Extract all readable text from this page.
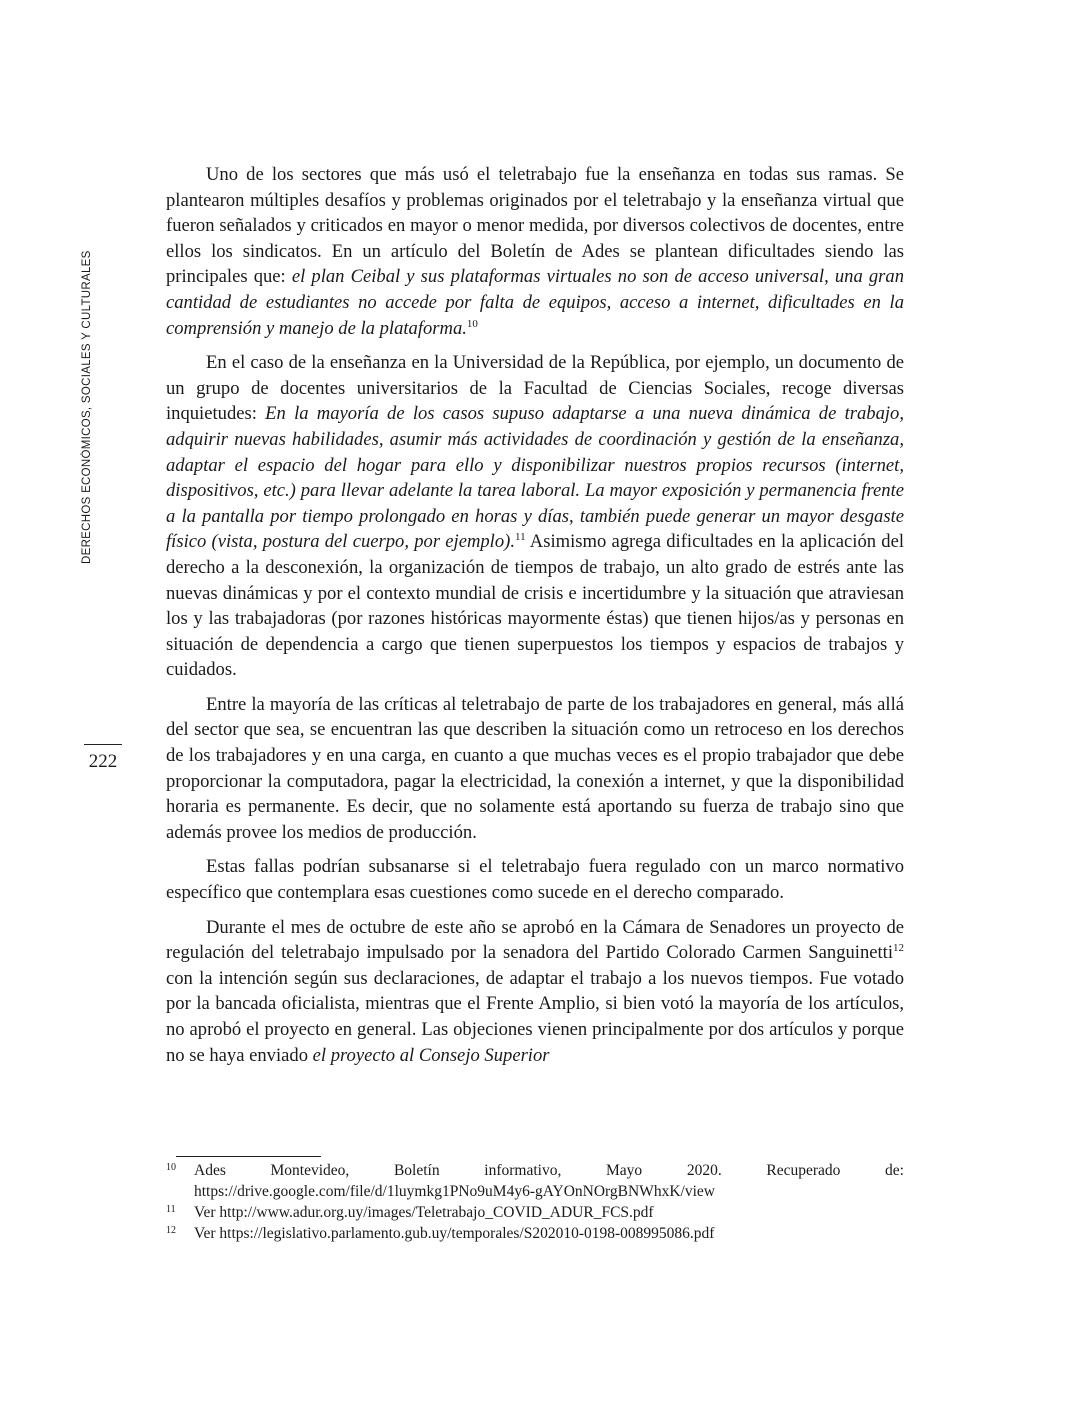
DERECHOS ECONÓMICOS, SOCIALES Y CULTURALES
222

Uno de los sectores que más usó el teletrabajo fue la enseñanza en todas sus ramas. Se plantearon múltiples desafíos y problemas originados por el teletrabajo y la enseñanza virtual que fueron señalados y criticados en mayor o menor medida, por diversos colectivos de docentes, entre ellos los sindicatos. En un artículo del Boletín de Ades se plantean dificultades siendo las principales que: el plan Ceibal y sus plataformas virtuales no son de acceso universal, una gran cantidad de estudiantes no accede por falta de equipos, acceso a internet, dificultades en la comprensión y manejo de la plataforma.$^{10}$

En el caso de la enseñanza en la Universidad de la República, por ejemplo, un documento de un grupo de docentes universitarios de la Facultad de Ciencias Sociales, recoge diversas inquietudes: En la mayoría de los casos supuso adaptarse a una nueva dinámica de trabajo, adquirir nuevas habilidades, asumir más actividades de coordinación y gestión de la enseñanza, adaptar el espacio del hogar para ello y disponibilizar nuestros propios recursos (internet, dispositivos, etc.) para llevar adelante la tarea laboral. La mayor exposición y permanencia frente a la pantalla por tiempo prolongado en horas y días, también puede generar un mayor desgaste físico (vista, postura del cuerpo, por ejemplo).$^{11}$ Asimismo agrega dificultades en la aplicación del derecho a la desconexión, la organización de tiempos de trabajo, un alto grado de estrés ante las nuevas dinámicas y por el contexto mundial de crisis e incertidumbre y la situación que atraviesan los y las trabajadoras (por razones históricas mayormente éstas) que tienen hijos/as y personas en situación de dependencia a cargo que tienen superpuestos los tiempos y espacios de trabajos y cuidados.

Entre la mayoría de las críticas al teletrabajo de parte de los trabajadores en general, más allá del sector que sea, se encuentran las que describen la situación como un retroceso en los derechos de los trabajadores y en una carga, en cuanto a que muchas veces es el propio trabajador que debe proporcionar la computadora, pagar la electricidad, la conexión a internet, y que la disponibilidad horaria es permanente. Es decir, que no solamente está aportando su fuerza de trabajo sino que además provee los medios de producción.

Estas fallas podrían subsanarse si el teletrabajo fuera regulado con un marco normativo específico que contemplara esas cuestiones como sucede en el derecho comparado.

Durante el mes de octubre de este año se aprobó en la Cámara de Senadores un proyecto de regulación del teletrabajo impulsado por la senadora del Partido Colorado Carmen Sanguinetti$^{12}$ con la intención según sus declaraciones, de adaptar el trabajo a los nuevos tiempos. Fue votado por la bancada oficialista, mientras que el Frente Amplio, si bien votó la mayoría de los artículos, no aprobó el proyecto en general. Las objeciones vienen principalmente por dos artículos y porque no se haya enviado el proyecto al Consejo Superior

10	Ades Montevideo, Boletín informativo, Mayo 2020. Recuperado de: https://drive.google.com/file/d/1luymkg1PNo9uM4y6-gAYOnNOrgBNWhxK/view
11	Ver http://www.adur.org.uy/images/Teletrabajo_COVID_ADUR_FCS.pdf
12	Ver https://legislativo.parlamento.gub.uy/temporales/S202010-0198-008995086.pdf
